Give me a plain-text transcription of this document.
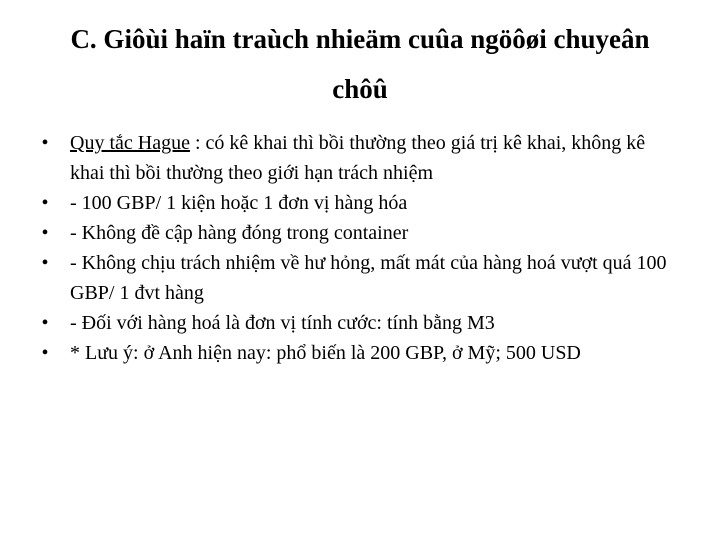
C. Giôùi haïn traùch nhieäm cuûa ngöôøi chuyeân chôû
• Quy tắc Hague : có kê khai thì bồi thường theo giá trị kê khai, không kê khai thì bồi thường theo giới hạn trách nhiệm
• - 100 GBP/ 1 kiện hoặc 1 đơn vị hàng hóa
• - Không đề cập hàng đóng trong container
• - Không chịu trách nhiệm về hư hỏng, mất mát của hàng hoá vượt quá 100 GBP/ 1 đvt hàng
• - Đối với hàng hoá là đơn vị tính cước: tính bằng M3
• * Lưu ý: ở Anh hiện nay: phổ biến là 200 GBP, ở Mỹ; 500 USD
